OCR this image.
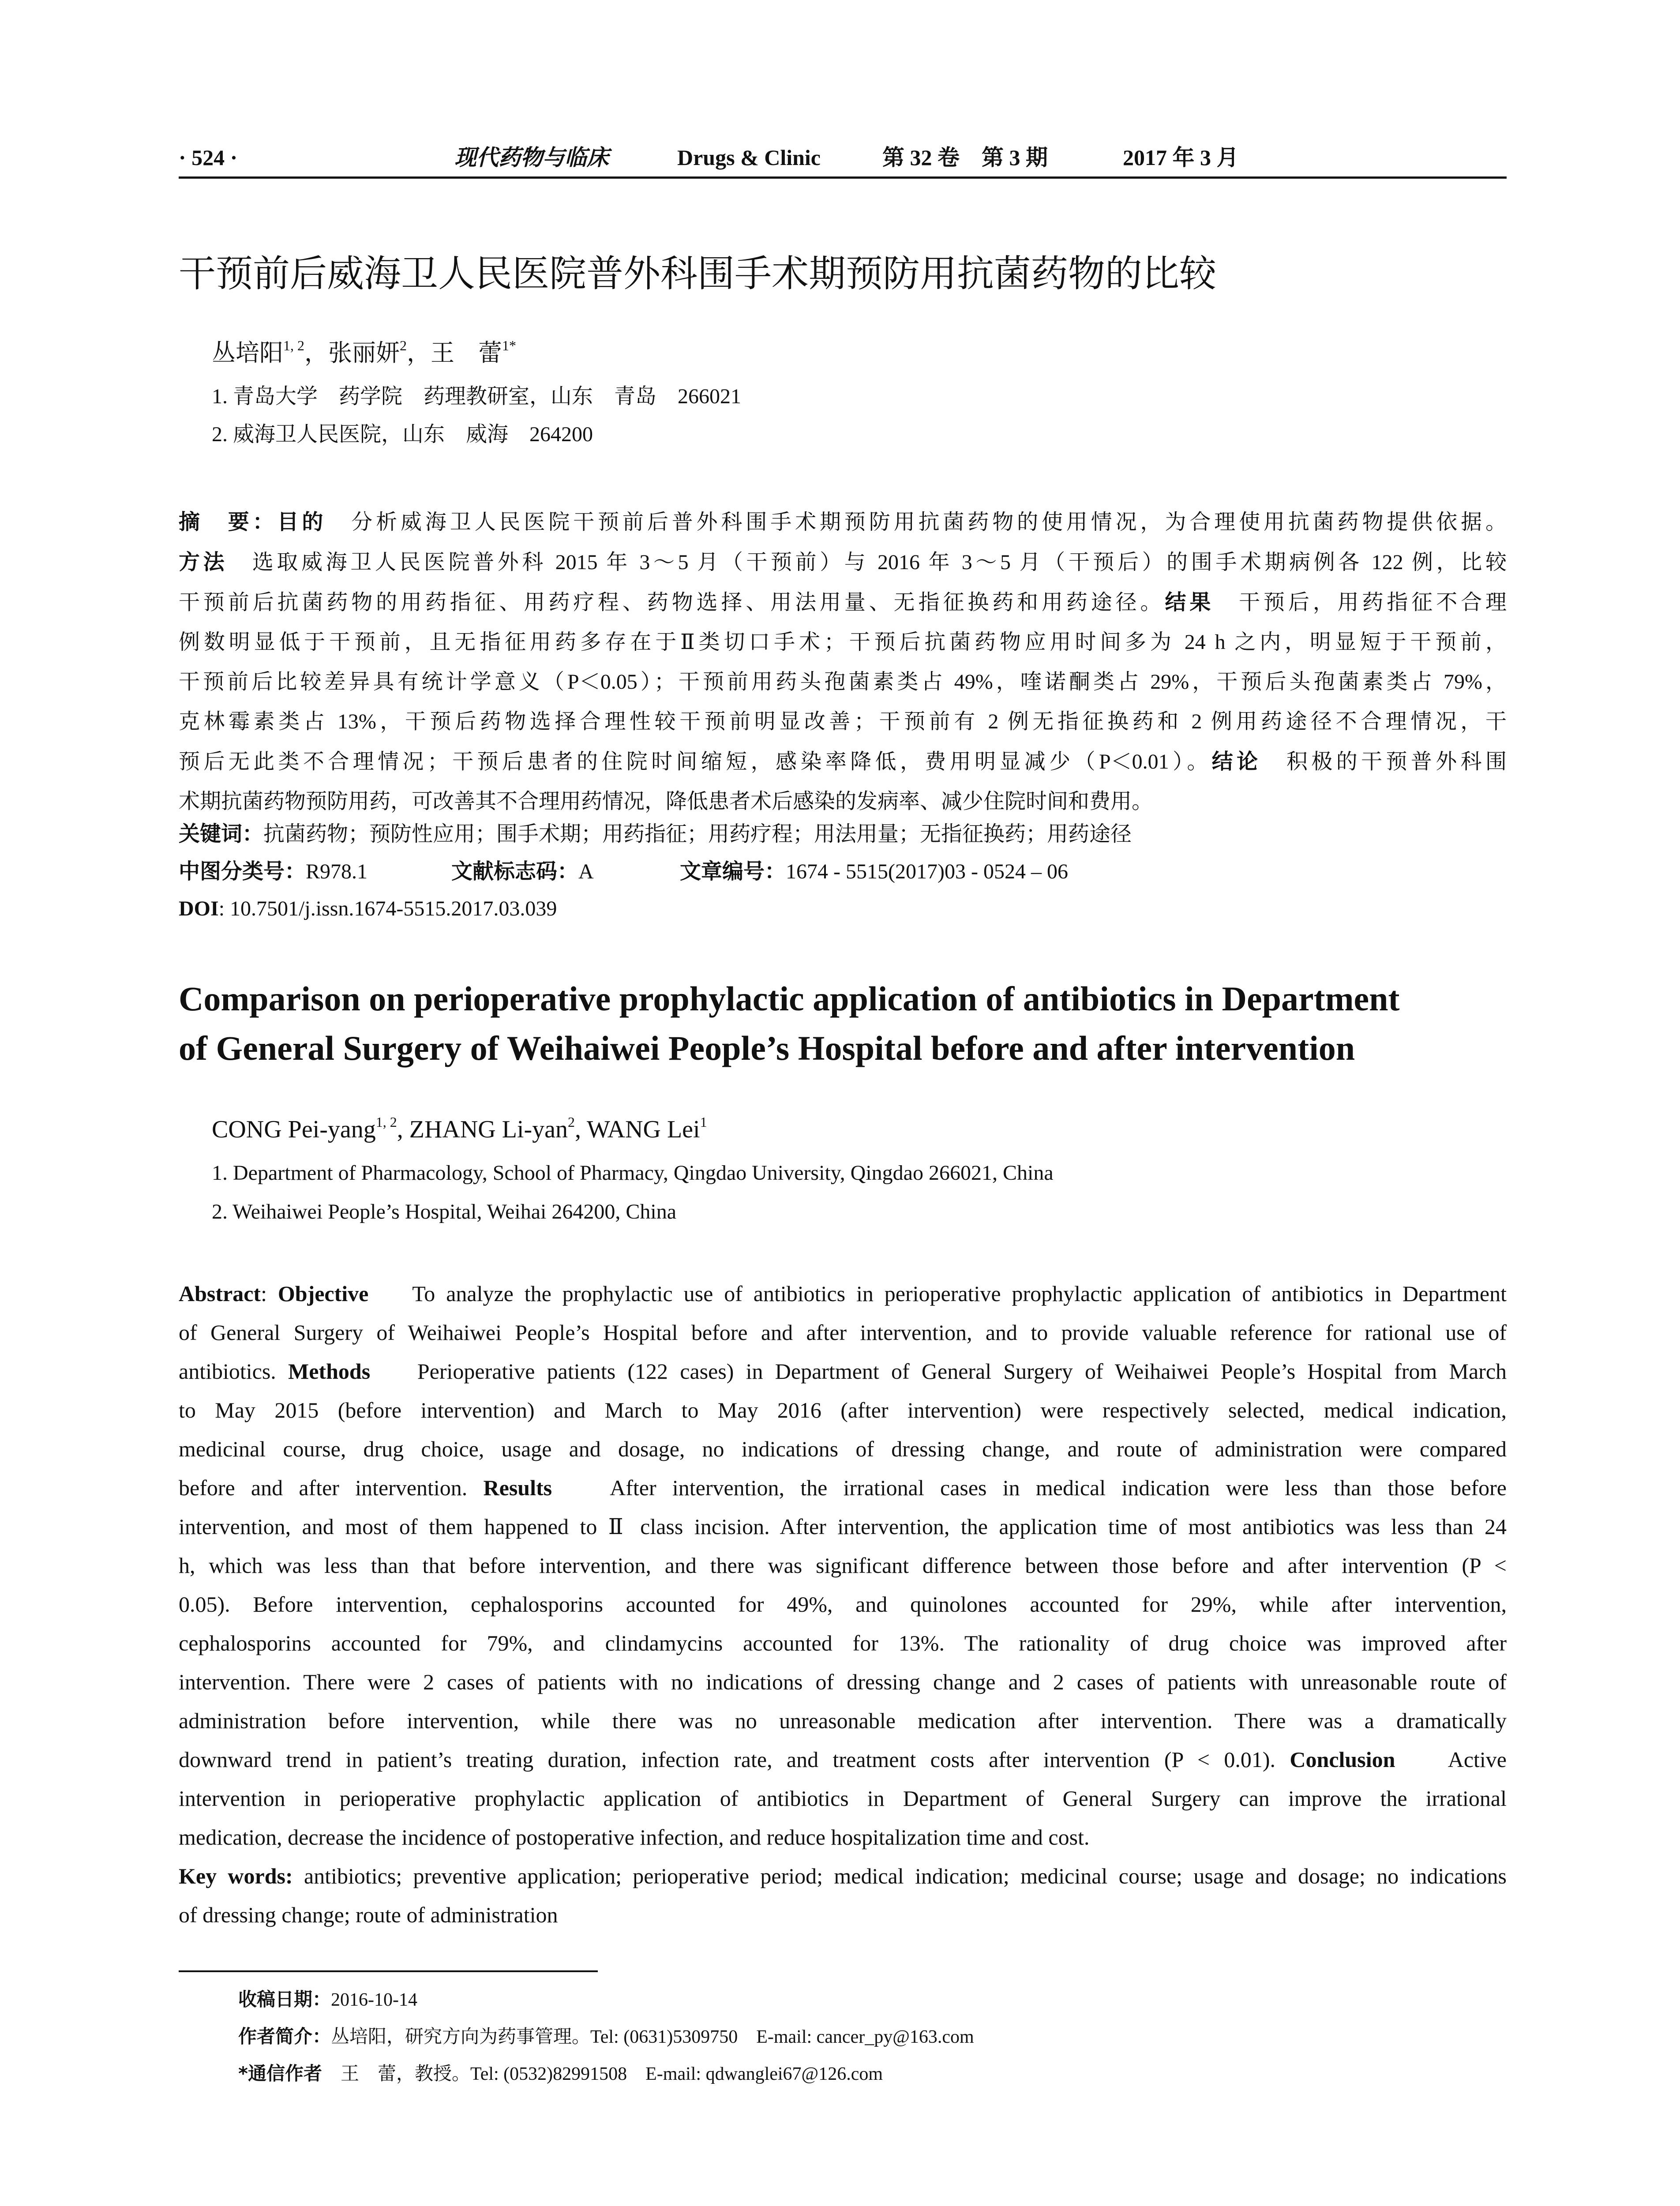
· 524 ·	现代药物与临床	Drugs & Clinic	第 32 卷　第 3 期	2017 年 3 月
干预前后威海卫人民医院普外科围手术期预防用抗菌药物的比较
丛培阳$^{1, 2}$，张丽妍$^2$，王　蕾$^{1*}$
1. 青岛大学　药学院　药理教研室，山东　青岛　266021
2. 威海卫人民医院，山东　威海　264200
摘　要：目的　 分析威海卫人民医院干预前后普外科围手术期预防用抗菌药物的使用情况，为合理使用抗菌药物提供依据。
方法　 选取威海卫人民医院普外科 2015 年 3～5 月（干预前）与 2016 年 3～5 月（干预后）的围手术期病例各 122 例，比较
干预前后抗菌药物的用药指征、用药疗程、药物选择、用法用量、无指征换药和用药途径。结果　 干预后，用药指征不合理
例数明显低于干预前，且无指征用药多存在于Ⅱ类切口手术；干预后抗菌药物应用时间多为 24 h 之内，明显短于干预前，
干预前后比较差异具有统计学意义（P＜0.05）；干预前用药头孢菌素类占 49%，喹诺酮类占 29%，干预后头孢菌素类占 79%，
克林霉素类占 13%，干预后药物选择合理性较干预前明显改善；干预前有 2 例无指征换药和 2 例用药途径不合理情况，干
预后无此类不合理情况；干预后患者的住院时间缩短，感染率降低，费用明显减少（P＜0.01）。结论　 积极的干预普外科围
术期抗菌药物预防用药，可改善其不合理用药情况，降低患者术后感染的发病率、减少住院时间和费用。
关键词：抗菌药物；预防性应用；围手术期；用药指征；用药疗程；用法用量；无指征换药；用药途径
中图分类号：R978.1	文献标志码：A	文章编号：1674 - 5515(2017)03 - 0524 – 06
DOI: 10.7501/j.issn.1674-5515.2017.03.039
Comparison on perioperative prophylactic application of antibiotics in Department
of General Surgery of Weihaiwei People’s Hospital before and after intervention
CONG Pei-yang$^{1, 2}$, ZHANG Li-yan$^2$, WANG Lei$^1$
1. Department of Pharmacology, School of Pharmacy, Qingdao University, Qingdao 266021, China
2. Weihaiwei People’s Hospital, Weihai 264200, China
Abstract: Objective　 To analyze the prophylactic use of antibiotics in perioperative prophylactic application of antibiotics in Department
of General Surgery of Weihaiwei People’s Hospital before and after intervention, and to provide valuable reference for rational use of
antibiotics. Methods　 Perioperative patients (122 cases) in Department of General Surgery of Weihaiwei People’s Hospital from March
to May 2015 (before intervention) and March to May 2016 (after intervention) were respectively selected, medical indication,
medicinal course, drug choice, usage and dosage, no indications of dressing change, and route of administration were compared
before and after intervention. Results　	After intervention, the irrational cases in medical indication were less than those before
intervention, and most of them happened to Ⅱ class incision. After intervention, the application time of most antibiotics was less than 24
h, which was less than that before intervention, and there was significant difference between those before and after intervention (P <
0.05). Before intervention, cephalosporins accounted for 49%, and quinolones accounted for 29%, while after intervention,
cephalosporins accounted for 79%, and clindamycins accounted for 13%. The rationality of drug choice was improved after
intervention. There were 2 cases of patients with no indications of dressing change and 2 cases of patients with unreasonable route of
administration before intervention, while there was no unreasonable medication after intervention. There was a dramatically
downward trend in patient’s treating duration, infection rate, and treatment costs after intervention (P < 0.01). Conclusion　 Active
intervention in perioperative prophylactic application of antibiotics in Department of General Surgery can improve the irrational
medication, decrease the incidence of postoperative infection, and reduce hospitalization time and cost.
Key words: antibiotics; preventive application; perioperative period; medical indication; medicinal course; usage and dosage; no indications
of dressing change; route of administration
收稿日期：2016-10-14
作者简介：丛培阳，研究方向为药事管理。Tel: (0631)5309750　E-mail: cancer_py@163.com
*通信作者　王　蕾，教授。Tel: (0532)82991508　E-mail: qdwanglei67@126.com
